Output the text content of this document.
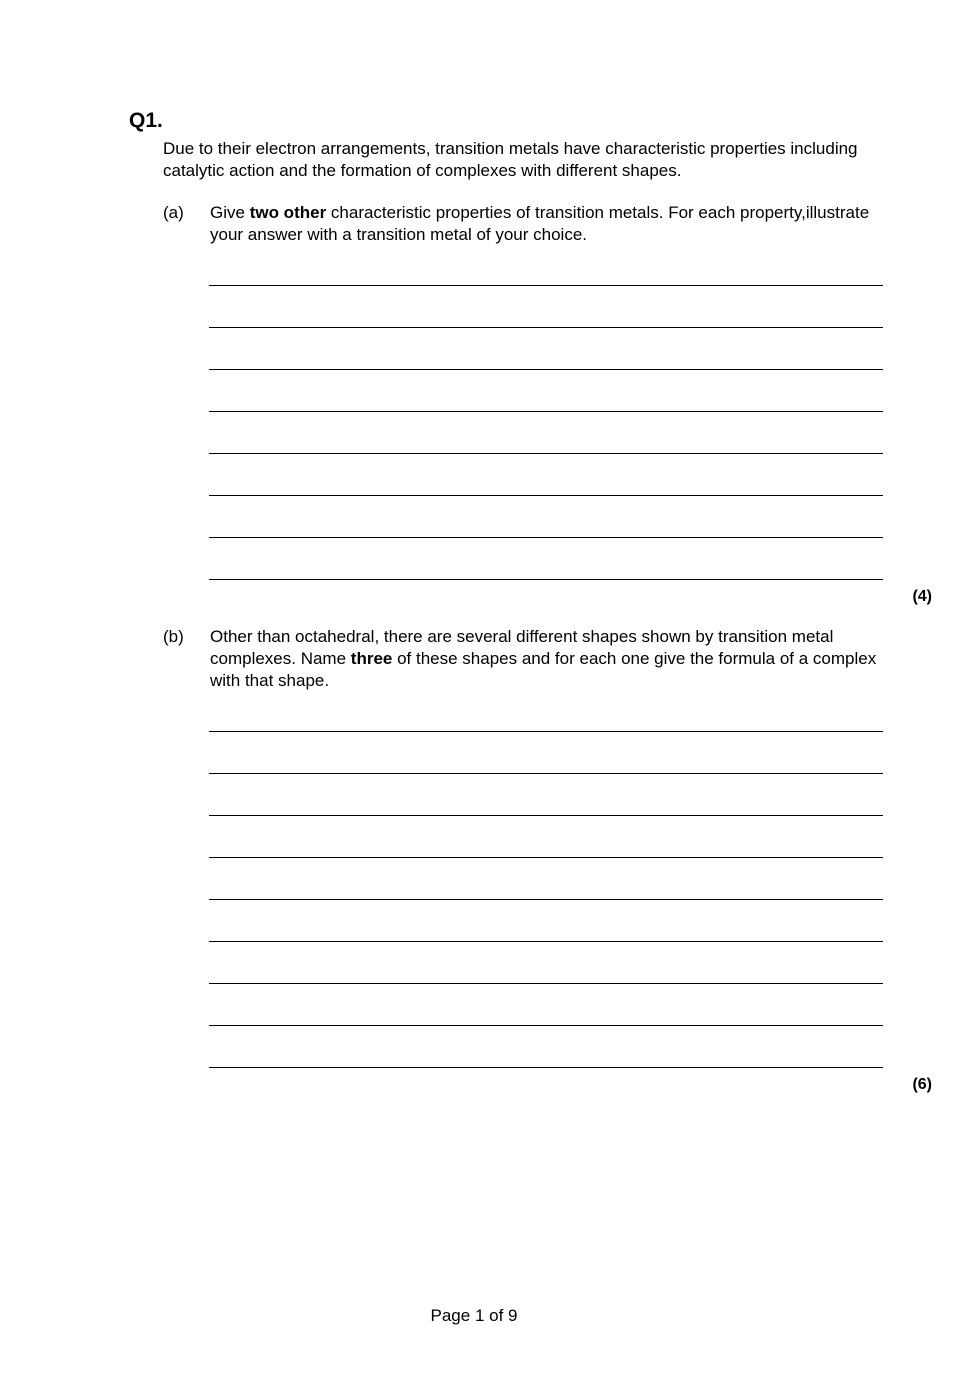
Q1.
Due to their electron arrangements, transition metals have characteristic properties including catalytic action and the formation of complexes with different shapes.
(a) Give two other characteristic properties of transition metals. For each property,illustrate your answer with a transition metal of your choice.
(4)
(b) Other than octahedral, there are several different shapes shown by transition metal complexes. Name three of these shapes and for each one give the formula of a complex with that shape.
(6)
Page 1 of 9
